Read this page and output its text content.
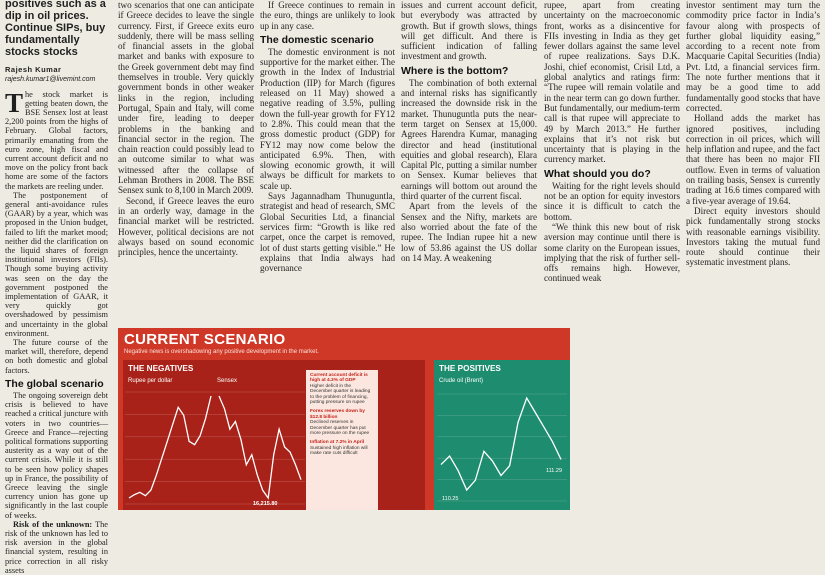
positives such as a dip in oil prices. Continue SIPs, buy fundamentally stocks stocks
Rajesh Kumar
rajesh.kumar1@livemint.com

The stock market is getting beaten down, the BSE Sensex lost at least 2,200 points from the highs of February. Global factors, primarily emanating from the euro zone, high fiscal and current account deficit and no move on the policy front back home are some of the factors the markets are reeling under.

The postponement of general anti-avoidance rules (GAAR) by a year, which was proposed in the Union budget, failed to lift the market mood; neither did the clarification on the liquid shares of foreign institutional investors (FIIs). Though some buying activity was seen on the day the government postponed the implementation of GAAR, it very quickly got overshadowed by pessimism and uncertainty in the global environment.

The future course of the market will, therefore, depend on both domestic and global factors.

The global scenario

The ongoing sovereign debt crisis is believed to have reached a critical juncture with voters in two countries—Greece and France—rejecting political formations supporting austerity as a way out of the current crisis. While it is still to be seen how policy shapes up in France, the possibility of Greece leaving the single currency union has gone up significantly in the last couple of weeks.

Risk of the unknown: The risk of the unknown has led to risk aversion in the global financial system, resulting in price correction in all risky assets

two scenarios that one can anticipate if Greece decides to leave the single currency. First, if Greece exits euro suddenly, there will be mass selling of financial assets in the global market and banks with exposure to the Greek government debt may find themselves in trouble. Very quickly government bonds in other weaker links in the region, including Portugal, Spain and Italy, will come under fire, leading to deeper problems in the banking and financial sector in the region. The chain reaction could possibly lead to an outcome similar to what was witnessed after the collapse of Lehman Brothers in 2008. The BSE Sensex sunk to 8,100 in March 2009.

Second, if Greece leaves the euro in an orderly way, damage in the financial market will be restricted. However, political decisions are not always based on sound economic principles, hence the uncertainty.

If Greece continues to remain in the euro, things are unlikely to look up in any case.

The domestic scenario

The domestic environment is not supportive for the market either. The growth in the Index of Industrial Production (IIP) for March (figures released on 11 May) showed a negative reading of 3.5%, pulling down the full-year growth for FY12 to 2.8%. This could mean that the gross domestic product (GDP) for FY12 may now come below the anticipated 6.9%. Then, with slowing economic growth, it will always be difficult for markets to scale up.

Says Jagannadham Thunuguntla, strategist and head of research, SMC Global Securities Ltd, a financial services firm: “Growth is like red carpet, once the carpet is removed, lot of dust starts getting visible.” He explains that India always had governance

issues and current account deficit, but everybody was attracted by growth. But if growth slows, things will get difficult. And there is sufficient indication of falling investment and growth.

Where is the bottom?

The combination of both external and internal risks has significantly increased the downside risk in the market. Thunuguntla puts the near-term target on Sensex at 15,000. Agrees Harendra Kumar, managing director and head (institutional equities and global research), Elara Capital Plc, putting a similar number on Sensex. Kumar believes that earnings will bottom out around the third quarter of the current fiscal.

Apart from the levels of the Sensex and the Nifty, markets are also worried about the fate of the rupee. The Indian rupee hit a new low of 53.86 against the US dollar on 14 May. A weakening

rupee, apart from creating uncertainty on the macroeconomic front, works as a disincentive for FIIs investing in India as they get fewer dollars against the same level of rupee realizations. Says D.K. Joshi, chief economist, Crisil Ltd, a global analytics and ratings firm: “The rupee will remain volatile and in the near term can go down further. But fundamentally, our medium-term call is that rupee will appreciate to 49 by March 2013.” He further explains that it’s not risk but uncertainty that is playing in the currency market.

What should you do?

Waiting for the right levels should not be an option for equity investors since it is difficult to catch the bottom.

“We think this new bout of risk aversion may continue until there is some clarity on the European issues, implying that the risk of further sell-offs remains high. However, continued weak

investor sentiment may turn the commodity price factor in India’s favour along with prospects of further global liquidity easing,” according to a recent note from Macquarie Capital Securities (India) Pvt. Ltd, a financial services firm. The note further mentions that it may be a good time to add fundamentally good stocks that have corrected.

Holland adds the market has ignored positives, including correction in oil prices, which will help inflation and rupee, and the fact that there has been no major FII outflow. Even in terms of valuation on trailing basis, Sensex is currently trading at 16.6 times compared with a five-year average of 19.64.

Direct equity investors should pick fundamentally strong stocks with reasonable earnings visibility. Investors taking the mutual fund route should continue their systematic investment plans.

CURRENT SCENARIO
Negative news is overshadowing any positive development in the market.
THE NEGATIVES
Rupee per dollar	Sensex
16,215.80
Current account deficit is high at 4.3% of GDP
Higher deficit in the December quarter is leading to the problem of financing, putting pressure on rupee
Forex reserves down by $12.8 billion
Declined reserves in December quarter has put more pressure on the rupee
Inflation at 7.2% in April
Sustained high inflation will make rate cuts difficult
THE POSITIVES
Crude oil (Brent)
110.25
111.29
